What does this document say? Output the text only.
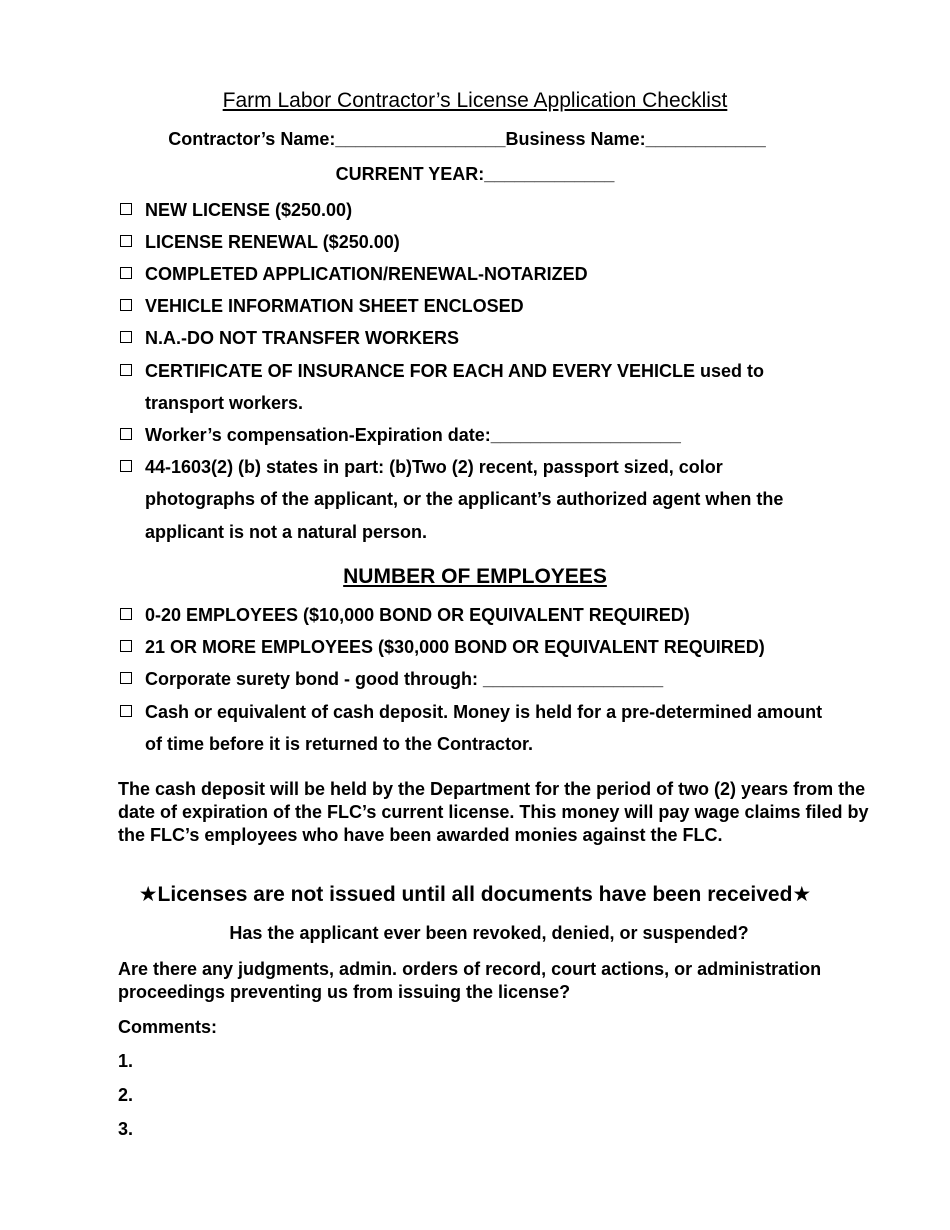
Farm Labor Contractor’s License Application Checklist
Contractor’s Name:_________________Business Name:____________
CURRENT YEAR:_____________
NEW LICENSE ($250.00)
LICENSE RENEWAL ($250.00)
COMPLETED APPLICATION/RENEWAL-NOTARIZED
VEHICLE INFORMATION SHEET ENCLOSED
N.A.-DO NOT TRANSFER WORKERS
CERTIFICATE OF INSURANCE FOR EACH AND EVERY VEHICLE used to
transport workers.
Worker’s compensation-Expiration date:___________________
44-1603(2) (b) states in part: (b)Two (2) recent, passport sized, color
photographs of the applicant, or the applicant’s authorized agent when the
applicant is not a natural person.
NUMBER OF EMPLOYEES
0-20 EMPLOYEES ($10,000 BOND OR EQUIVALENT REQUIRED)
21 OR MORE EMPLOYEES ($30,000 BOND OR EQUIVALENT REQUIRED)
Corporate surety bond - good through: __________________
Cash or equivalent of cash deposit. Money is held for a pre-determined amount
of time before it is returned to the Contractor.
The cash deposit will be held by the Department for the period of two (2) years from the date of expiration of the FLC’s current license. This money will pay wage claims filed by the FLC’s employees who have been awarded monies against the FLC.
★Licenses are not issued until all documents have been received★
Has the applicant ever been revoked, denied, or suspended?
Are there any judgments, admin. orders of record, court actions, or administration proceedings preventing us from issuing the license?
Comments:
1.
2.
3.
